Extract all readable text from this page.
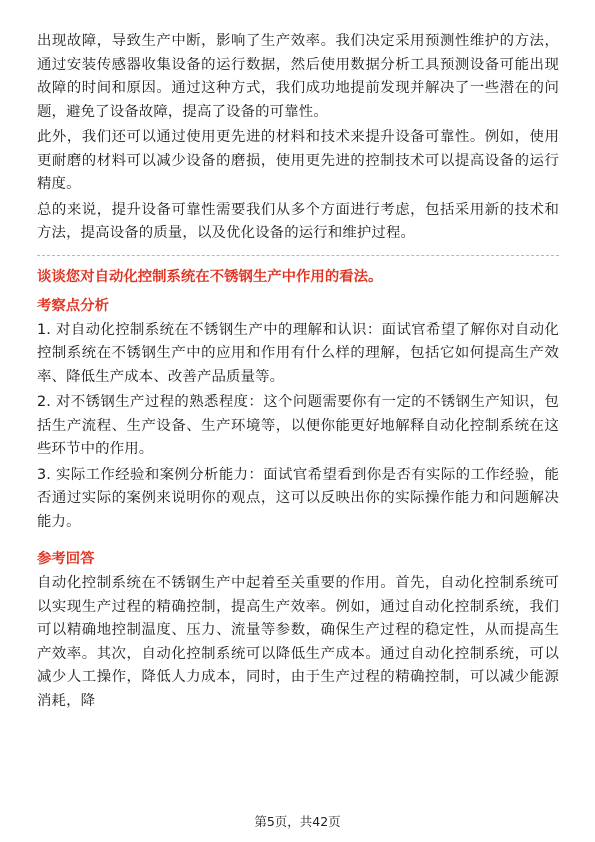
出现故障，导致生产中断，影响了生产效率。我们决定采用预测性维护的方法，通过安装传感器收集设备的运行数据，然后使用数据分析工具预测设备可能出现故障的时间和原因。通过这种方式，我们成功地提前发现并解决了一些潜在的问题，避免了设备故障，提高了设备的可靠性。

此外，我们还可以通过使用更先进的材料和技术来提升设备可靠性。例如，使用更耐磨的材料可以减少设备的磨损，使用更先进的控制技术可以提高设备的运行精度。

总的来说，提升设备可靠性需要我们从多个方面进行考虑，包括采用新的技术和方法，提高设备的质量，以及优化设备的运行和维护过程。

谈谈您对自动化控制系统在不锈钢生产中作用的看法。
考察点分析

1. 对自动化控制系统在不锈钢生产中的理解和认识：面试官希望了解你对自动化控制系统在不锈钢生产中的应用和作用有什么样的理解，包括它如何提高生产效率、降低生产成本、改善产品质量等。

2. 对不锈钢生产过程的熟悉程度：这个问题需要你有一定的不锈钢生产知识，包括生产流程、生产设备、生产环境等，以便你能更好地解释自动化控制系统在这些环节中的作用。

3. 实际工作经验和案例分析能力：面试官希望看到你是否有实际的工作经验，能否通过实际的案例来说明你的观点，这可以反映出你的实际操作能力和问题解决能力。

参考回答

自动化控制系统在不锈钢生产中起着至关重要的作用。首先，自动化控制系统可以实现生产过程的精确控制，提高生产效率。例如，通过自动化控制系统，我们可以精确地控制温度、压力、流量等参数，确保生产过程的稳定性，从而提高生产效率。其次，自动化控制系统可以降低生产成本。通过自动化控制系统，可以减少人工操作，降低人力成本，同时，由于生产过程的精确控制，可以减少能源消耗，降

第5页，共42页
